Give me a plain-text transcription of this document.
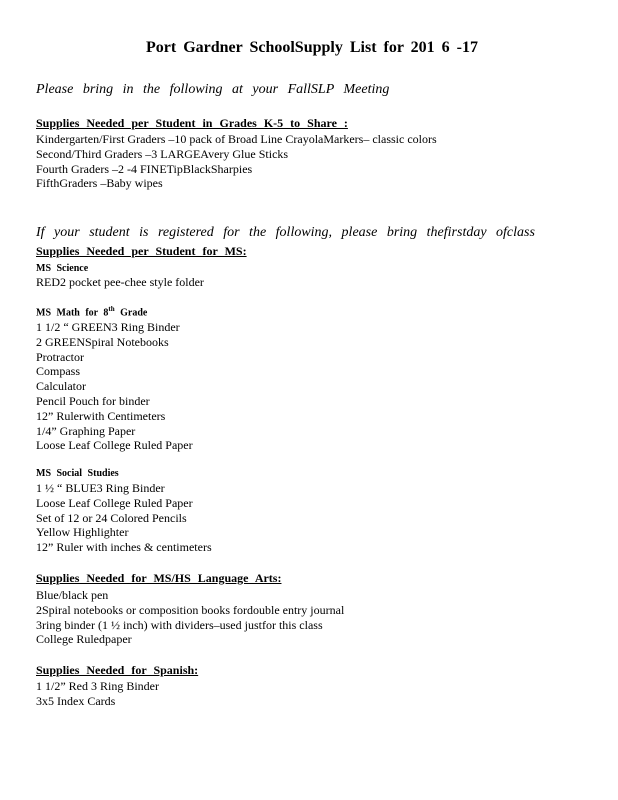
Port Gardner SchoolSupply List for 201 6 -17
Please bring in the following at your FallSLP Meeting
Supplies Needed per Student in Grades K-5 to Share :
Kindergarten/First Graders –10 pack of Broad Line CrayolaMarkers– classic colors
Second/Third Graders –3 LARGEAvery Glue Sticks
Fourth Graders –2 -4 FINETipBlackSharpies
FifthGraders –Baby wipes
If your student is registered for the following, please bring thefirstday ofclass
Supplies Needed per Student for MS:
MS Science
RED2 pocket pee-chee style folder
MS Math for 8th Grade
1 1/2 “ GREEN3 Ring Binder
2 GREENSpiral Notebooks
Protractor
Compass
Calculator
Pencil Pouch for binder
12” Rulerwith Centimeters
1/4” Graphing Paper
Loose Leaf College Ruled Paper
MS Social Studies
1 ½ “ BLUE3 Ring Binder
Loose Leaf College Ruled Paper
Set of 12 or 24 Colored Pencils
Yellow Highlighter
12” Ruler with inches & centimeters
Supplies Needed for MS/HS Language Arts:
Blue/black pen
2Spiral notebooks or composition books fordouble entry journal
3ring binder (1 ½ inch) with dividers–used justfor this class
College Ruledpaper
Supplies Needed for Spanish:
1 1/2” Red 3 Ring Binder
3x5 Index Cards
